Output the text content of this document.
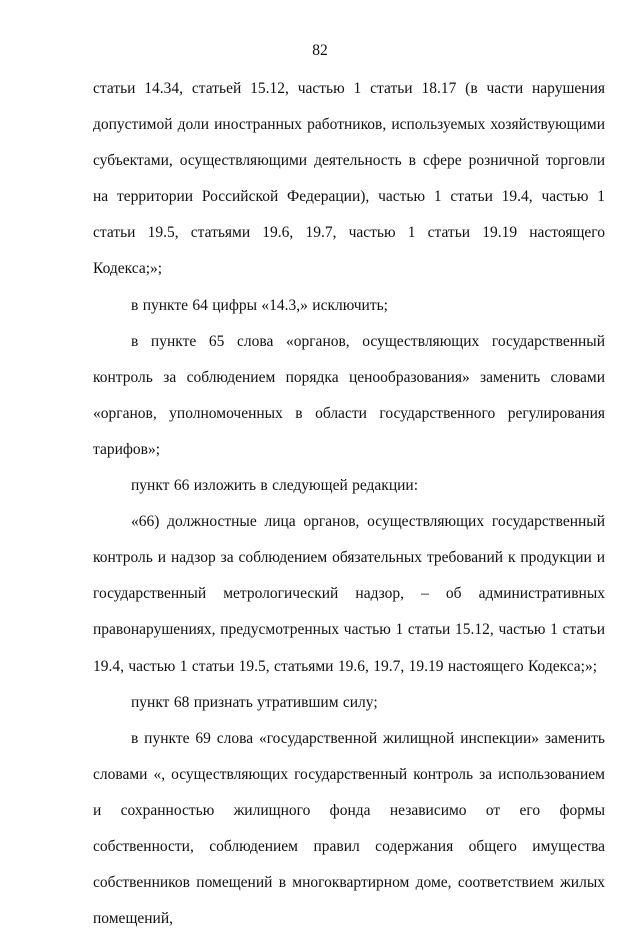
82

статьи 14.34, статьей 15.12, частью 1 статьи 18.17 (в части нарушения допустимой доли иностранных работников, используемых хозяйствующими субъектами, осуществляющими деятельность в сфере розничной торговли на территории Российской Федерации), частью 1 статьи 19.4, частью 1 статьи 19.5, статьями 19.6, 19.7, частью 1 статьи 19.19 настоящего Кодекса;»;

в пункте 64 цифры «14.3,» исключить;

в пункте 65 слова «органов, осуществляющих государственный контроль за соблюдением порядка ценообразования» заменить словами «органов, уполномоченных в области государственного регулирования тарифов»;

пункт 66 изложить в следующей редакции:

«66) должностные лица органов, осуществляющих государственный контроль и надзор за соблюдением обязательных требований к продукции и государственный метрологический надзор, – об административных правонарушениях, предусмотренных частью 1 статьи 15.12, частью 1 статьи 19.4, частью 1 статьи 19.5, статьями 19.6, 19.7, 19.19 настоящего Кодекса;»;

пункт 68 признать утратившим силу;

в пункте 69 слова «государственной жилищной инспекции» заменить словами «, осуществляющих государственный контроль за использованием и сохранностью жилищного фонда независимо от его формы собственности, соблюдением правил содержания общего имущества собственников помещений в многоквартирном доме, соответствием жилых помещений,
